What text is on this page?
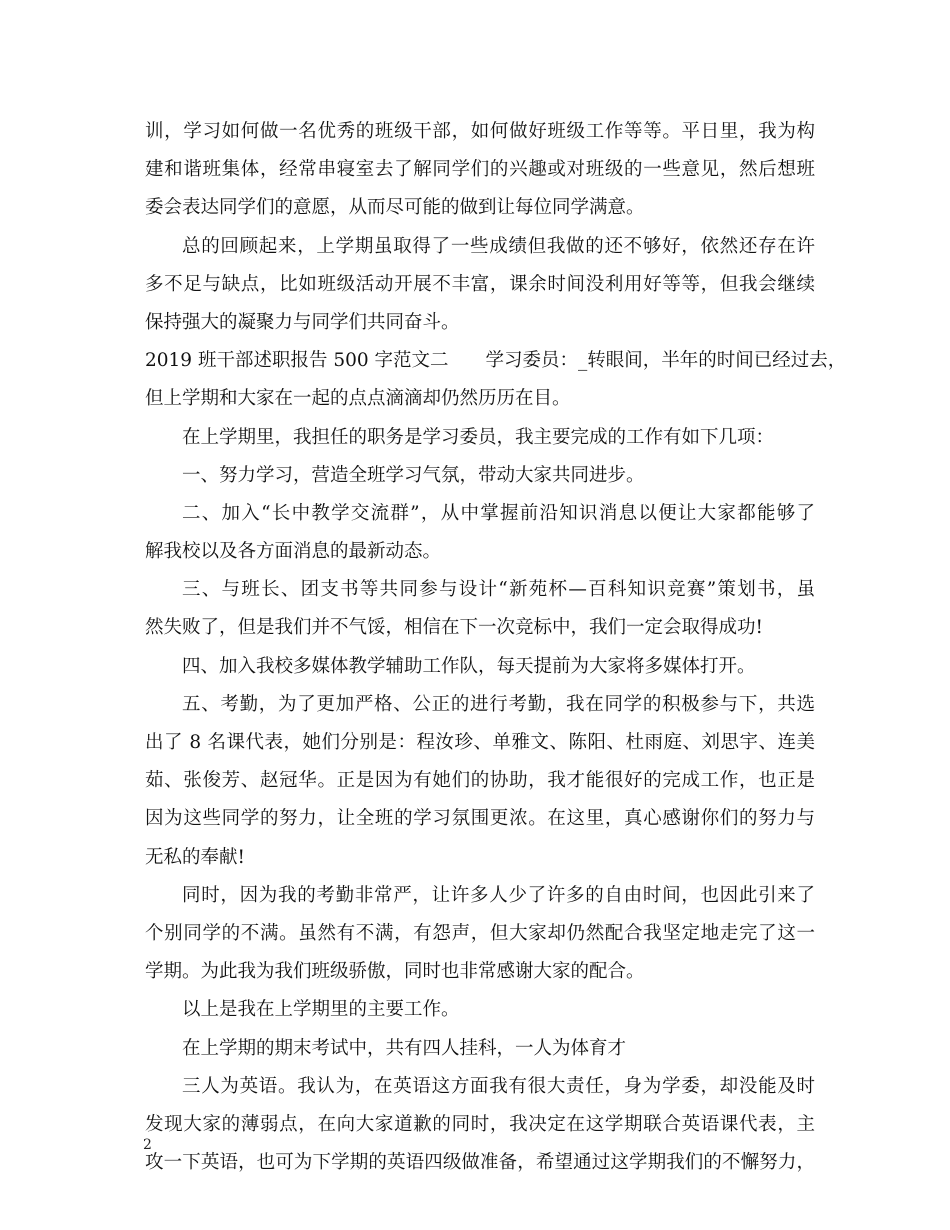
训，学习如何做一名优秀的班级干部，如何做好班级工作等等。平日里，我为构
建和谐班集体，经常串寝室去了解同学们的兴趣或对班级的一些意见，然后想班
委会表达同学们的意愿，从而尽可能的做到让每位同学满意。
总的回顾起来，上学期虽取得了一些成绩但我做的还不够好，依然还存在许
多不足与缺点，比如班级活动开展不丰富，课余时间没利用好等等，但我会继续
保持强大的凝聚力与同学们共同奋斗。
2019 班干部述职报告 500 字范文二　　学习委员：_转眼间，半年的时间已经过去，
但上学期和大家在一起的点点滴滴却仍然历历在目。
在上学期里，我担任的职务是学习委员，我主要完成的工作有如下几项：
一、努力学习，营造全班学习气氛，带动大家共同进步。
二、加入“长中教学交流群”，从中掌握前沿知识消息以便让大家都能够了
解我校以及各方面消息的最新动态。
三、与班长、团支书等共同参与设计“新苑杯—百科知识竞赛”策划书，虽
然失败了，但是我们并不气馁，相信在下一次竞标中，我们一定会取得成功!
四、加入我校多媒体教学辅助工作队，每天提前为大家将多媒体打开。
五、考勤，为了更加严格、公正的进行考勤，我在同学的积极参与下，共选
出了 8 名课代表，她们分别是：程汝珍、单雅文、陈阳、杜雨庭、刘思宇、连美
茹、张俊芳、赵冠华。正是因为有她们的协助，我才能很好的完成工作，也正是
因为这些同学的努力，让全班的学习氛围更浓。在这里，真心感谢你们的努力与
无私的奉献!
同时，因为我的考勤非常严，让许多人少了许多的自由时间，也因此引来了
个别同学的不满。虽然有不满，有怨声，但大家却仍然配合我坚定地走完了这一
学期。为此我为我们班级骄傲，同时也非常感谢大家的配合。
以上是我在上学期里的主要工作。
在上学期的期末考试中，共有四人挂科，一人为体育才
三人为英语。我认为，在英语这方面我有很大责任，身为学委，却没能及时
发现大家的薄弱点，在向大家道歉的同时，我决定在这学期联合英语课代表，主
攻一下英语，也可为下学期的英语四级做准备，希望通过这学期我们的不懈努力，
2
